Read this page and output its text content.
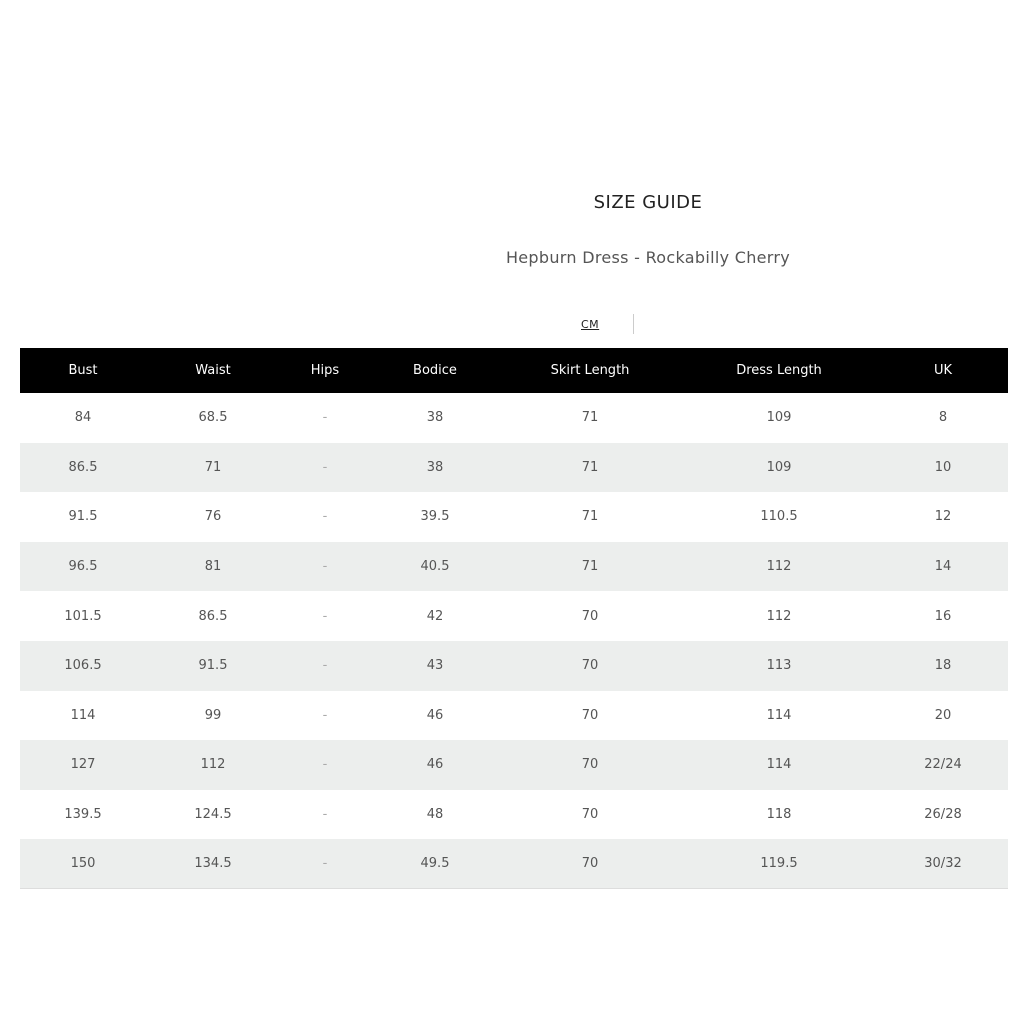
SIZE GUIDE
Hepburn Dress - Rockabilly Cherry
CM
Bust	Waist	Hips	Bodice	Skirt Length	Dress Length	UK
84	68.5	-	38	71	109	8
86.5	71	-	38	71	109	10
91.5	76	-	39.5	71	110.5	12
96.5	81	-	40.5	71	112	14
101.5	86.5	-	42	70	112	16
106.5	91.5	-	43	70	113	18
114	99	-	46	70	114	20
127	112	-	46	70	114	22/24
139.5	124.5	-	48	70	118	26/28
150	134.5	-	49.5	70	119.5	30/32
